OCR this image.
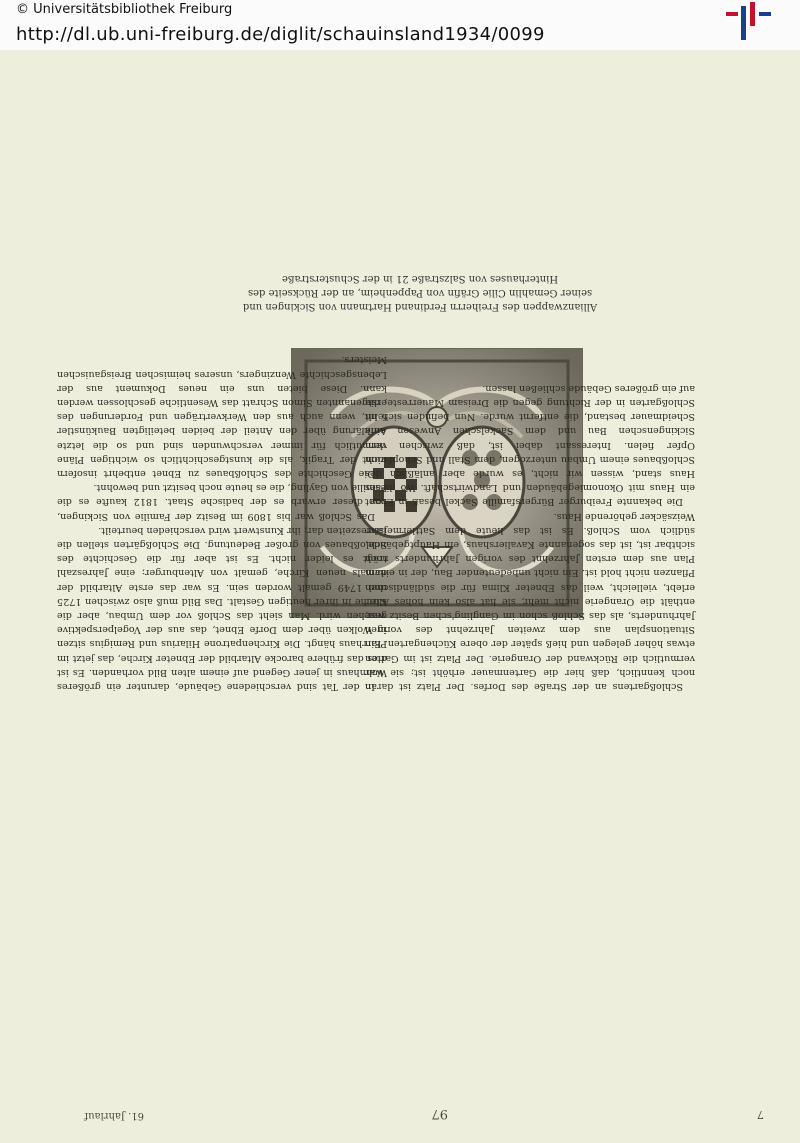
© Universitätsbibliothek Freiburg
http://dl.ub.uni-freiburg.de/diglit/schauinsland1934/0099
7
97
61. Jahrlauf
Allianzwappen des Freiherrn Ferdinand Hartmann von Sickingen und seiner Gemahlin Cilie Gräfin von Pappenheim, an der Rückseite des Hinterhauses von Salzstraße 21 in der Schusterstraße

Schloßgartens an der Straße des Dorfes. Der Platz ist daran noch kenntlich, daß hier die Gartenmauer erhöht ist; sie war vermutlich die Rückwand der Orangerie. Der Platz ist im Garten etwas höher gelegen und hieß später der obere Küchengarten. Ein Situationsplan aus dem zweiten Jahrzehnt des vorigen Jahrhunderts, als das Schloß schon im Gangling'schen Besitz war, enthält die Orangerie nicht mehr, sie hat also kein hohes Alter erlebt, vielleicht, weil das Ebneter Klima für die südländischen Pflanzen nicht hold ist. Ein nicht unbedeutender Bau, der in einem Plan aus dem ersten Jahrzehnt des vorigen Jahrhunderts noch sichtbar ist, ist das sogenannte Kavaliershaus, ein Hauptgebäude, südlich vom Schloß. Es ist das heute dem Sattlermeister Weizsäcker gehörende Haus.

Die bekannte Freiburger Bürgersfamille Sackel besaß in Ebnet ein Haus mit Okonomiegebäuden und Landwirtschaft. Wo dieses Haus stand, wissen wir nicht, es wurde aber anläßlich des Schloßbaues einem Umbau unterzogen, dem Stall und Schopf zum Opfer fielen. Interessant dabei ist, daß zwischen dem Sickingenschen Bau und dem Sackelschen Anwesen eine Scheidmauer bestand, die entfernt wurde. Nun befinden sich im Schloßgarten in der Richtung gegen die Dreisam Mauerreste, die auf ein größeres Gebäude schließen lassen.

In der Tat sind verschiedene Gebäude, darunter ein größeres Wohnhaus in jener Gegend auf einem alten Bild vorhanden. Es ist dies das frühere barocke Altarbild der Ebneter Kirche, das jetzt im Pfarrhaus hängt. Die Kirchenpatrone Hilarius und Remigius sitzen in Wolken über dem Dorfe Ebnet, das aus der Vogelperspektive gesehen wird. Man sieht das Schloß vor dem Umbau, aber die Kirche in ihrer heutigen Gestalt. Das Bild muß also zwischen 1725 und 1749 gemalt worden sein. Es war das erste Altarbild der damals neuen Kirche, gemalt von Altenburger; eine Jahreszahl trägt es leider nicht. Es ist aber für die Geschichte des Schloßbaues von großer Bedeutung. Die Schloßgärten stellen die Jahreszeiten dar; ihr Kunstwert wird verschieden beurteilt.

Das Schloß war bis 1809 im Besitz der Familie von Sickingen, von dieser erwarb es der badische Staat. 1812 kaufte es die Familie von Gayling, die es heute noch besitzt und bewohnt.

Die Geschichte des Schloßbaues zu Ebnet entbehrt insofern nicht der Tragik, als die kunstgeschichtlich so wichtigen Pläne vermutlich für immer verschwunden sind und so die letzte Aufklärung über den Anteil der beiden beteiligten Baukünstler fehlt, wenn auch aus den Werkverträgen und Forderungen des erstgenannten Simon Schratt das Wesentliche geschlossen werden kann. Diese bieten uns ein neues Dokument aus der Lebensgeschichte Wenzingers, unseres heimischen Breisgauischen Meisters.
